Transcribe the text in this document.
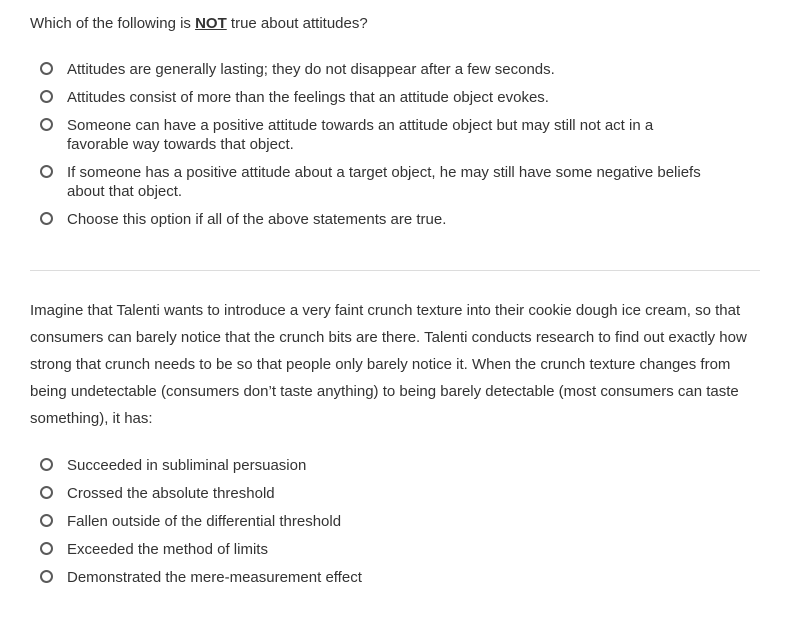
Which of the following is NOT true about attitudes?

Attitudes are generally lasting; they do not disappear after a few seconds.
Attitudes consist of more than the feelings that an attitude object evokes.
Someone can have a positive attitude towards an attitude object but may still not act in a favorable way towards that object.
If someone has a positive attitude about a target object, he may still have some negative beliefs about that object.
Choose this option if all of the above statements are true.

Imagine that Talenti wants to introduce a very faint crunch texture into their cookie dough ice cream, so that consumers can barely notice that the crunch bits are there. Talenti conducts research to find out exactly how strong that crunch needs to be so that people only barely notice it. When the crunch texture changes from being undetectable (consumers don’t taste anything) to being barely detectable (most consumers can taste something), it has:

Succeeded in subliminal persuasion
Crossed the absolute threshold
Fallen outside of the differential threshold
Exceeded the method of limits
Demonstrated the mere-measurement effect
